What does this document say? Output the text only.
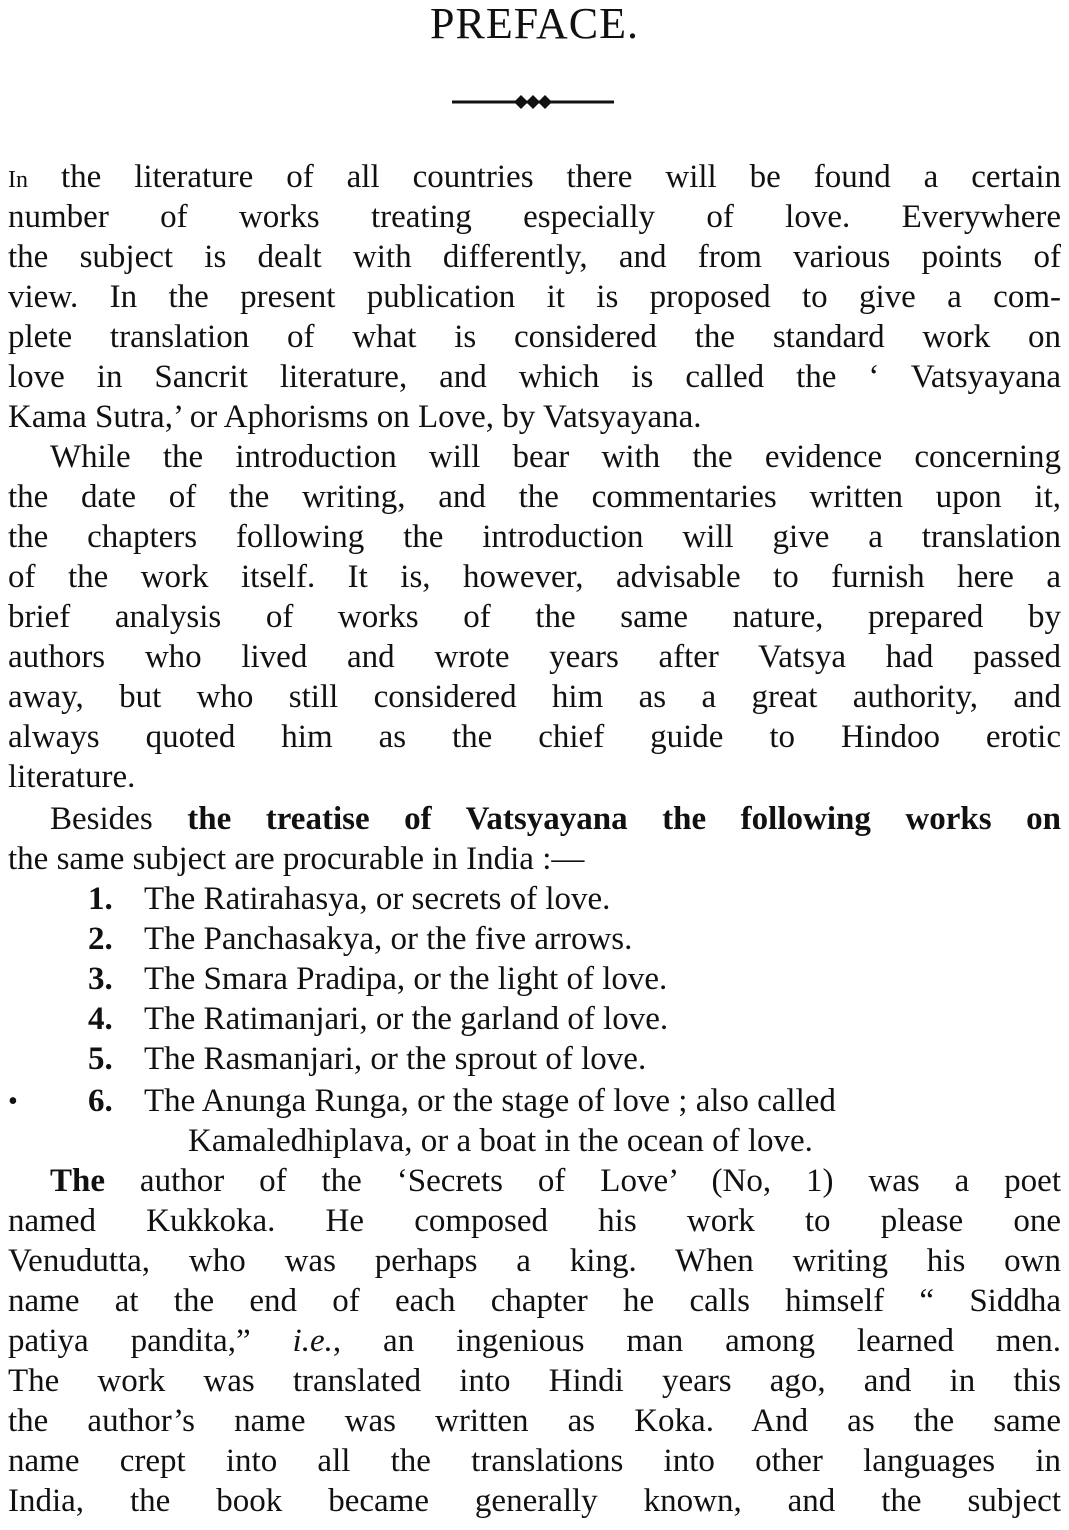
PREFACE.
In the literature of all countries there will be found a certain
number of works treating especially of love. Everywhere
the subject is dealt with differently, and from various points of
view. In the present publication it is proposed to give a com-
plete translation of what is considered the standard work on
love in Sancrit literature, and which is called the ‘ Vatsyayana
Kama Sutra,’ or Aphorisms on Love, by Vatsyayana.
While the introduction will bear with the evidence concerning
the date of the writing, and the commentaries written upon it,
the chapters following the introduction will give a translation
of the work itself. It is, however, advisable to furnish here a
brief analysis of works of the same nature, prepared by
authors who lived and wrote years after Vatsya had passed
away, but who still considered him as a great authority, and
always quoted him as the chief guide to Hindoo erotic
literature.
Besides the treatise of Vatsyayana the following works on
the same subject are procurable in India :—
1. The Ratirahasya, or secrets of love.
2. The Panchasakya, or the five arrows.
3. The Smara Pradipa, or the light of love.
4. The Ratimanjari, or the garland of love.
5. The Rasmanjari, or the sprout of love.
• 6. The Anunga Runga, or the stage of love ; also called
Kamaledhiplava, or a boat in the ocean of love.
The author of the ‘Secrets of Love’ (No, 1) was a poet
named Kukkoka. He composed his work to please one
Venudutta, who was perhaps a king. When writing his own
name at the end of each chapter he calls himself “ Siddha
patiya pandita,” i.e., an ingenious man among learned men.
The work was translated into Hindi years ago, and in this
the author’s name was written as Koka. And as the same
name crept into all the translations into other languages in
India, the book became generally known, and the subject
